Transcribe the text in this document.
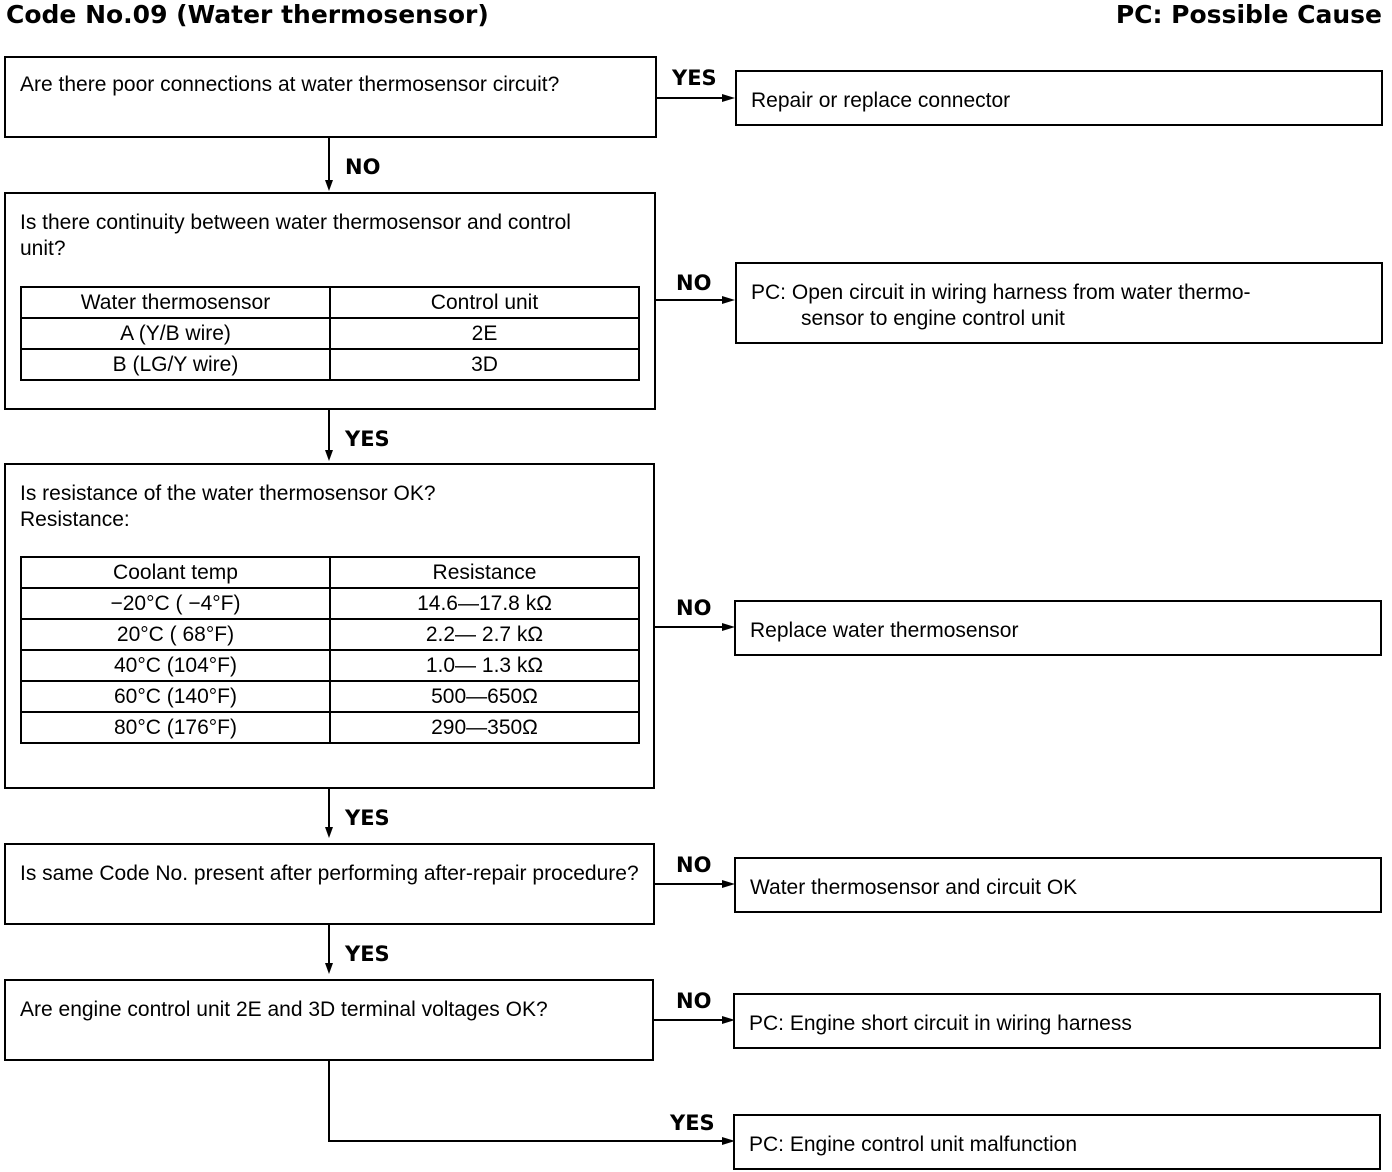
Code No.09 (Water thermosensor)	PC: Possible Cause
Are there poor connections at water thermosensor circuit?	YES
Repair or replace connector
NO
Is there continuity between water thermosensor and control unit?
Water thermosensor	Control unit
A (Y/B wire)	2E
B (LG/Y wire)	3D
NO PC: Open circuit in wiring harness from water thermo-
sensor to engine control unit
YES
Is resistance of the water thermosensor OK?
Resistance:
Coolant temp	Resistance
−20°C ( −4°F)	14.6—17.8 kΩ
20°C ( 68°F)	2.2— 2.7 kΩ
40°C (104°F)	1.0— 1.3 kΩ
60°C (140°F)	500—650Ω
80°C (176°F)	290—350Ω
NO
Replace water thermosensor
YES
Is same Code No. present after performing after-repair procedure? NO
Water thermosensor and circuit OK
YES
Are engine control unit 2E and 3D terminal voltages OK?	NO
PC: Engine short circuit in wiring harness
YES
PC: Engine control unit malfunction
